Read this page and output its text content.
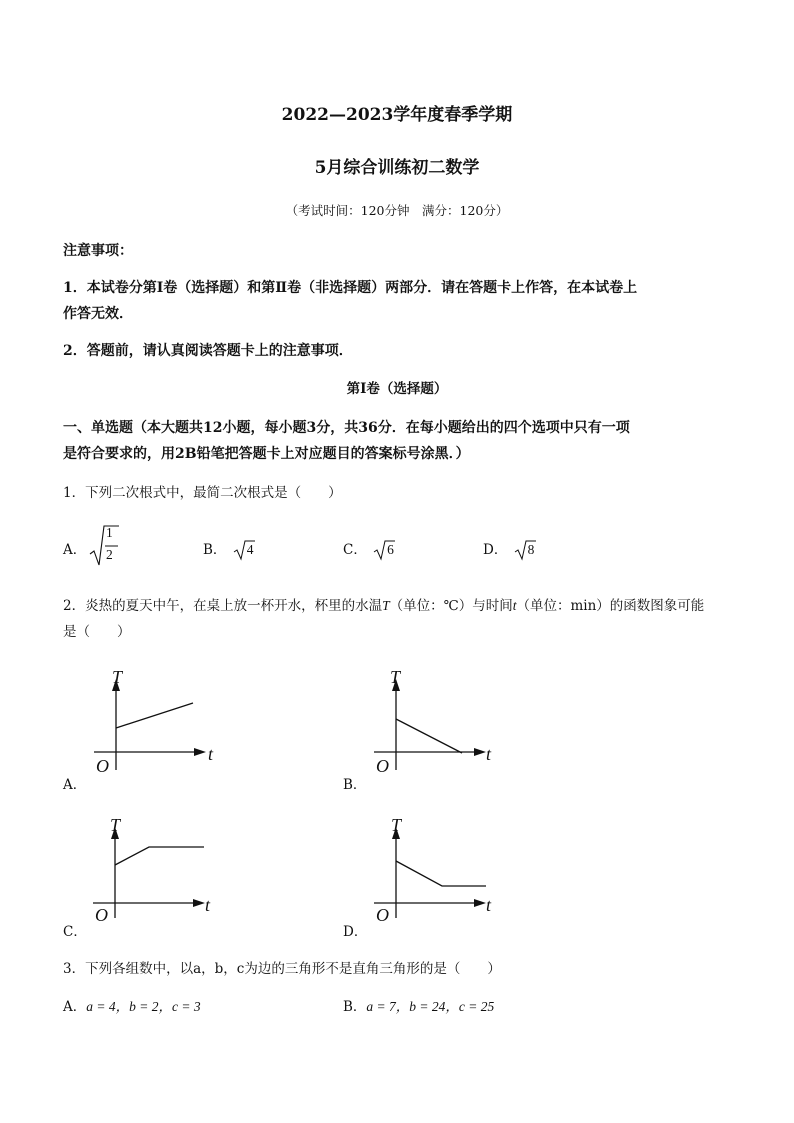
2022—2023学年度春季学期
5月综合训练初二数学
（考试时间：120分钟　满分：120分）
注意事项：
1．本试卷分第Ⅰ卷（选择题）和第Ⅱ卷（非选择题）两部分．请在答题卡上作答，在本试卷上
作答无效．
2．答题前，请认真阅读答题卡上的注意事项．
第Ⅰ卷（选择题）
一、单选题（本大题共12小题，每小题3分，共36分．在每小题给出的四个选项中只有一项
是符合要求的，用2B铅笔把答题卡上对应题目的答案标号涂黑．）
1．下列二次根式中，最简二次根式是（　　）
A．
1
2	B． 4	C． 6	D． 8
2．炎热的夏天中午，在桌上放一杯开水，杯里的水温T（单位：℃）与时间t（单位：min）的函数图象可能
是（　　）
T
t
O
A．
T
t
O
B．
T
t
O
C．
T
t
O
D．
3．下列各组数中，以a，b，c为边的三角形不是直角三角形的是（　　）
A．a = 4，b = 2，c = 3	B．a = 7，b = 24，c = 25
